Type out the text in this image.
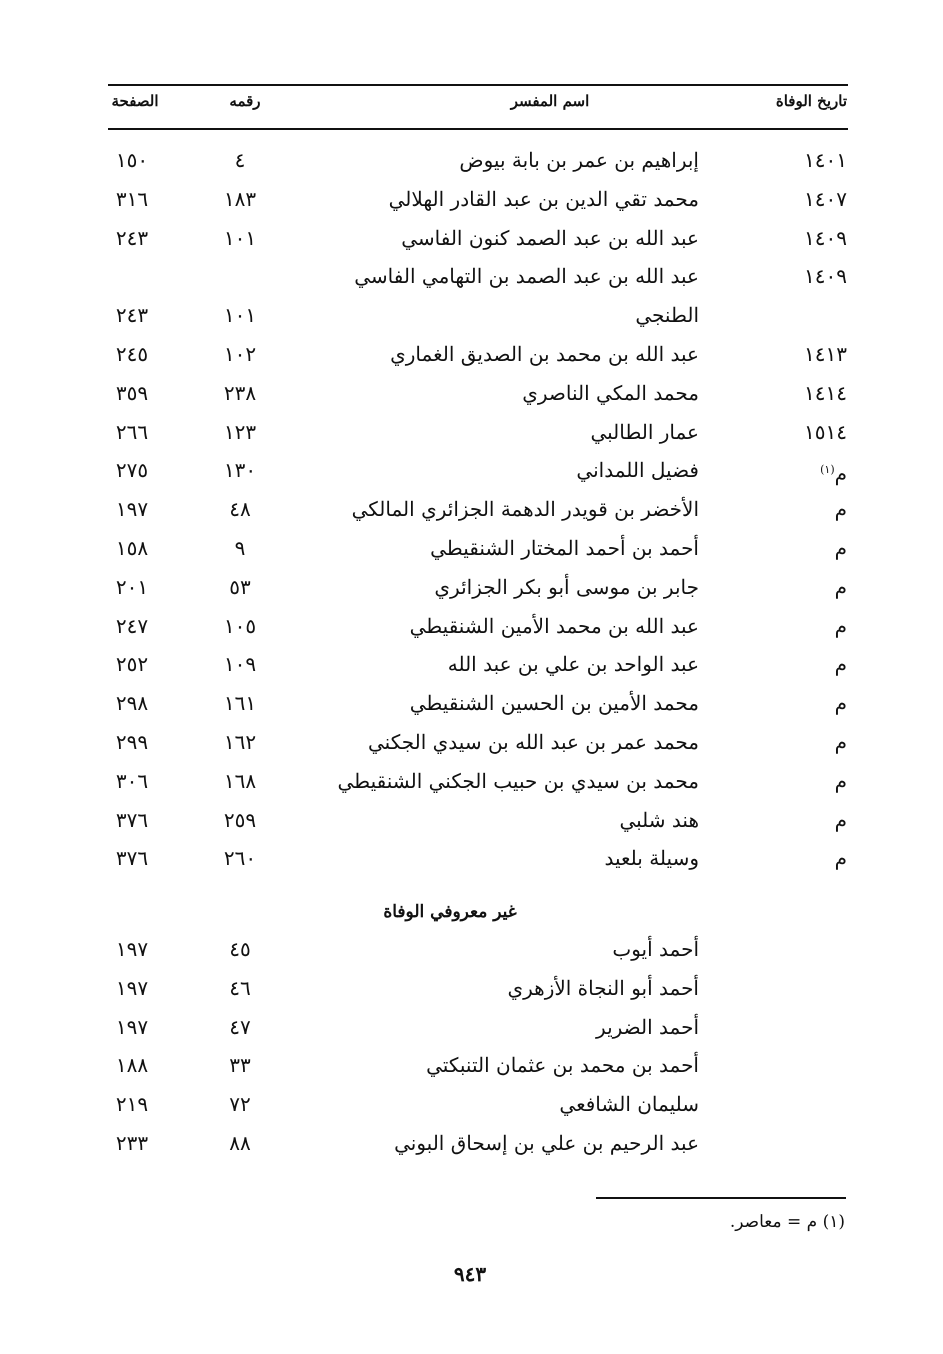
تاريخ الوفاة
اسم المفسر
رقمه
الصفحة
١٤٠١
إبراهيم بن عمر بن بابة بيوض
٤
١٥٠
١٤٠٧
محمد تقي الدين بن عبد القادر الهلالي
١٨٣
٣١٦
١٤٠٩
عبد الله بن عبد الصمد كنون الفاسي
١٠١
٢٤٣
١٤٠٩
عبد الله بن عبد الصمد بن التهامي الفاسي
الطنجي
١٠١
٢٤٣
١٤١٣
عبد الله بن محمد بن الصديق الغماري
١٠٢
٢٤٥
١٤١٤
محمد المكي الناصري
٢٣٨
٣٥٩
١٥١٤
عمار الطالبي
١٢٣
٢٦٦
م$^{(١)}$
فضيل اللمداني
١٣٠
٢٧٥
م
الأخضر بن قويدر الدهمة الجزائري المالكي
٤٨
١٩٧
م
أحمد بن أحمد المختار الشنقيطي
٩
١٥٨
م
جابر بن موسى أبو بكر الجزائري
٥٣
٢٠١
م
عبد الله بن محمد الأمين الشنقيطي
١٠٥
٢٤٧
م
عبد الواحد بن علي بن عبد الله
١٠٩
٢٥٢
م
محمد الأمين بن الحسين الشنقيطي
١٦١
٢٩٨
م
محمد عمر بن عبد الله بن سيدي الجكني
١٦٢
٢٩٩
م
محمد بن سيدي بن حبيب الجكني الشنقيطي
١٦٨
٣٠٦
م
هند شلبي
٢٥٩
٣٧٦
م
وسيلة بلعيد
٢٦٠
٣٧٦
غير معروفي الوفاة
أحمد أيوب
٤٥
١٩٧
أحمد أبو النجاة الأزهري
٤٦
١٩٧
أحمد الضرير
٤٧
١٩٧
أحمد بن محمد بن عثمان التنبكتي
٣٣
١٨٨
سليمان الشافعي
٧٢
٢١٩
عبد الرحيم بن علي بن إسحاق البوني
٨٨
٢٣٣
(١) م = معاصر.
٩٤٣
